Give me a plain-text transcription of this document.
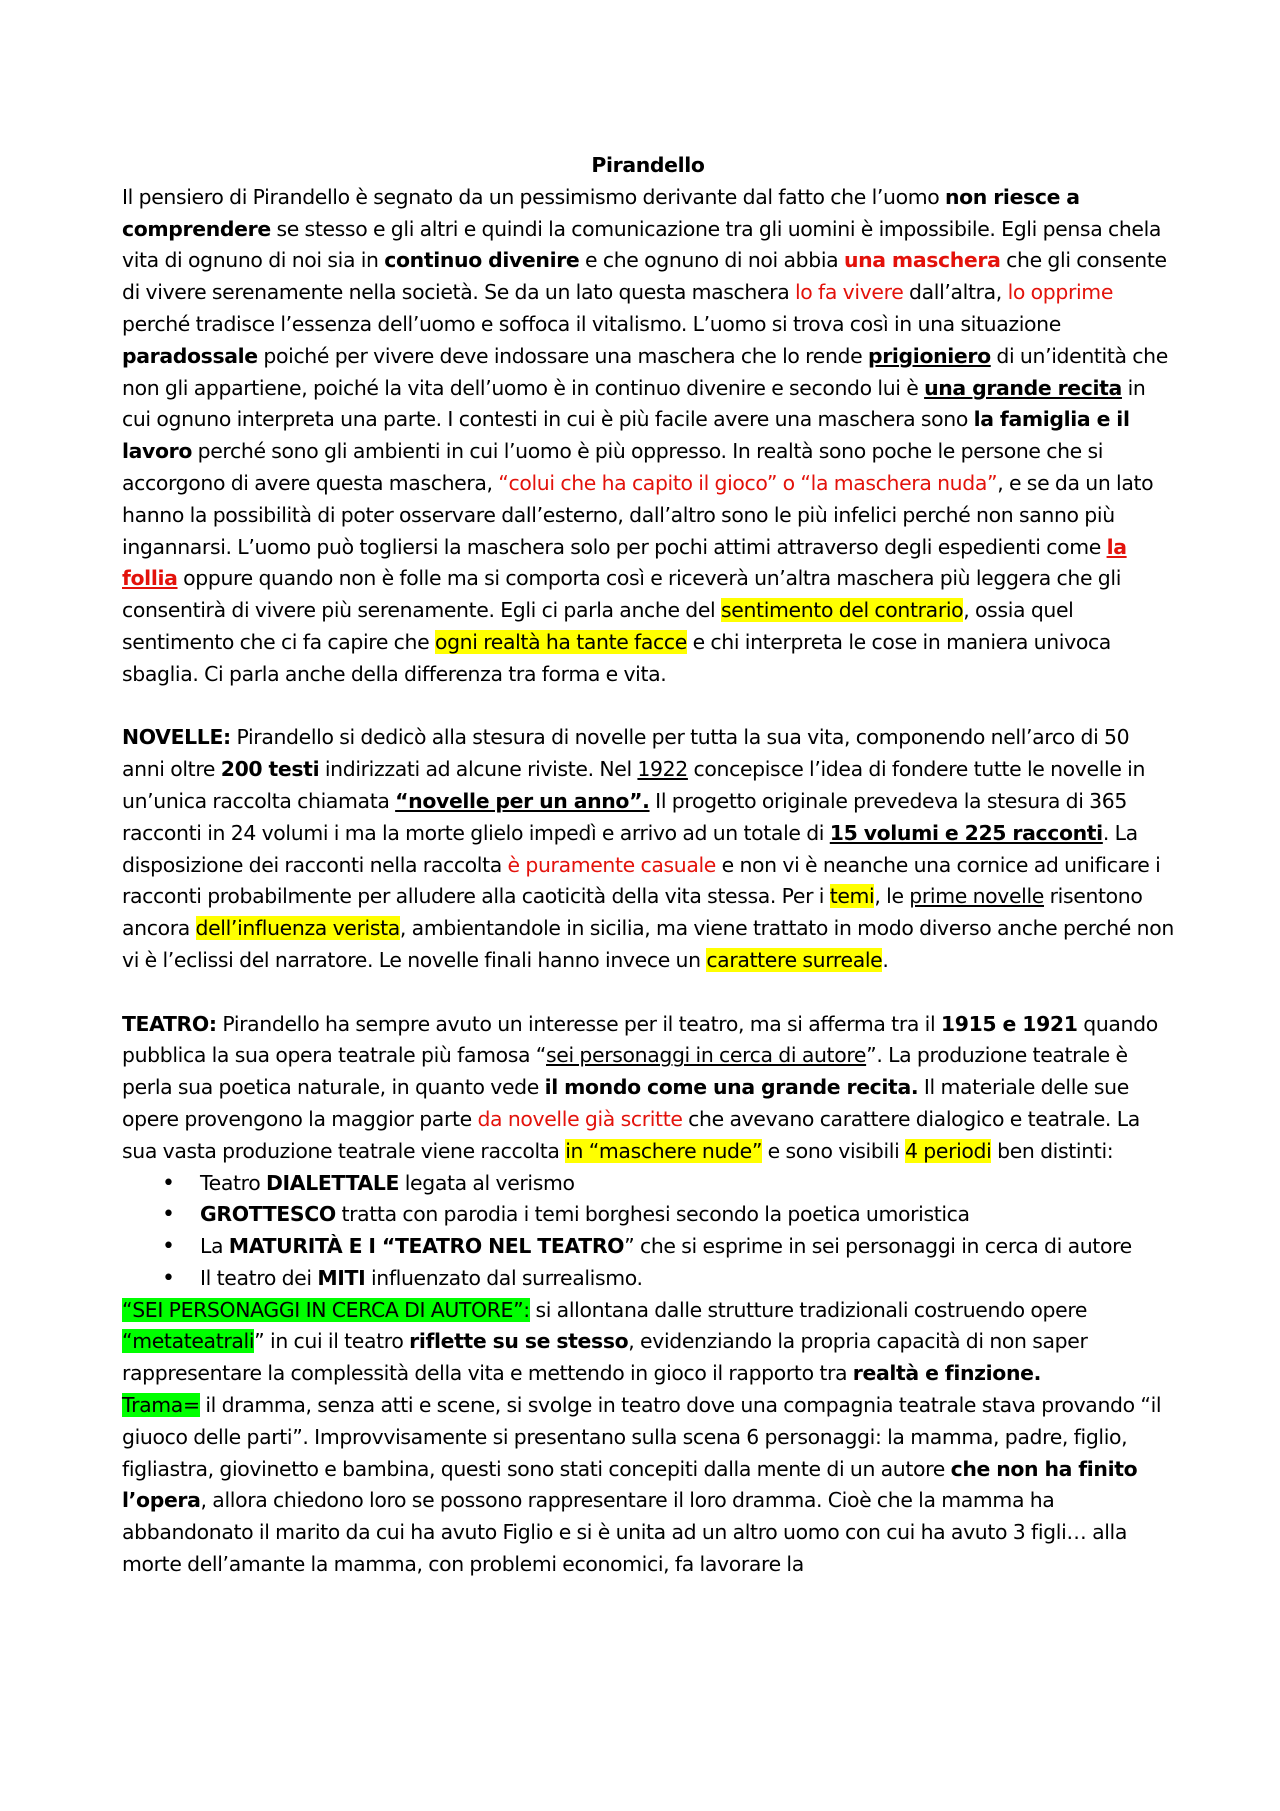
Pirandello

Il pensiero di Pirandello è segnato da un pessimismo derivante dal fatto che l’uomo non riesce a comprendere se stesso e gli altri e quindi la comunicazione tra gli uomini è impossibile. Egli pensa chela vita di ognuno di noi sia in continuo divenire e che ognuno di noi abbia una maschera che gli consente di vivere serenamente nella società. Se da un lato questa maschera lo fa vivere dall’altra, lo opprime perché tradisce l’essenza dell’uomo e soffoca il vitalismo. L’uomo si trova così in una situazione paradossale poiché per vivere deve indossare una maschera che lo rende prigioniero di un’identità che non gli appartiene, poiché la vita dell’uomo è in continuo divenire e secondo lui è una grande recita in cui ognuno interpreta una parte. I contesti in cui è più facile avere una maschera sono la famiglia e il lavoro perché sono gli ambienti in cui l’uomo è più oppresso. In realtà sono poche le persone che si accorgono di avere questa maschera, “colui che ha capito il gioco” o “la maschera nuda”, e se da un lato hanno la possibilità di poter osservare dall’esterno, dall’altro sono le più infelici perché non sanno più ingannarsi. L’uomo può togliersi la maschera solo per pochi attimi attraverso degli espedienti come la follia oppure quando non è folle ma si comporta così e riceverà un’altra maschera più leggera che gli consentirà di vivere più serenamente. Egli ci parla anche del sentimento del contrario, ossia quel sentimento che ci fa capire che ogni realtà ha tante facce e chi interpreta le cose in maniera univoca sbaglia. Ci parla anche della differenza tra forma e vita.

NOVELLE: Pirandello si dedicò alla stesura di novelle per tutta la sua vita, componendo nell’arco di 50 anni oltre 200 testi indirizzati ad alcune riviste. Nel 1922 concepisce l’idea di fondere tutte le novelle in un’unica raccolta chiamata “novelle per un anno”. Il progetto originale prevedeva la stesura di 365 racconti in 24 volumi i ma la morte glielo impedì e arrivo ad un totale di 15 volumi e 225 racconti. La disposizione dei racconti nella raccolta è puramente casuale e non vi è neanche una cornice ad unificare i racconti probabilmente per alludere alla caoticità della vita stessa. Per i temi, le prime novelle risentono ancora dell’influenza verista, ambientandole in sicilia, ma viene trattato in modo diverso anche perché non vi è l’eclissi del narratore. Le novelle finali hanno invece un carattere surreale.

TEATRO: Pirandello ha sempre avuto un interesse per il teatro, ma si afferma tra il 1915 e 1921 quando pubblica la sua opera teatrale più famosa “sei personaggi in cerca di autore”. La produzione teatrale è perla sua poetica naturale, in quanto vede il mondo come una grande recita. Il materiale delle sue opere provengono la maggior parte da novelle già scritte che avevano carattere dialogico e teatrale. La sua vasta produzione teatrale viene raccolta in “maschere nude” e sono visibili 4 periodi ben distinti:

• Teatro DIALETTALE legata al verismo
• GROTTESCO tratta con parodia i temi borghesi secondo la poetica umoristica
• La MATURITÀ E I “TEATRO NEL TEATRO” che si esprime in sei personaggi in cerca di autore
• Il teatro dei MITI influenzato dal surrealismo.

“SEI PERSONAGGI IN CERCA DI AUTORE”: si allontana dalle strutture tradizionali costruendo opere “metateatrali” in cui il teatro riflette su se stesso, evidenziando la propria capacità di non saper rappresentare la complessità della vita e mettendo in gioco il rapporto tra realtà e finzione.

Trama= il dramma, senza atti e scene, si svolge in teatro dove una compagnia teatrale stava provando “il giuoco delle parti”. Improvvisamente si presentano sulla scena 6 personaggi: la mamma, padre, figlio, figliastra, giovinetto e bambina, questi sono stati concepiti dalla mente di un autore che non ha finito l’opera, allora chiedono loro se possono rappresentare il loro dramma. Cioè che la mamma ha abbandonato il marito da cui ha avuto Figlio e si è unita ad un altro uomo con cui ha avuto 3 figli… alla morte dell’amante la mamma, con problemi economici, fa lavorare la
